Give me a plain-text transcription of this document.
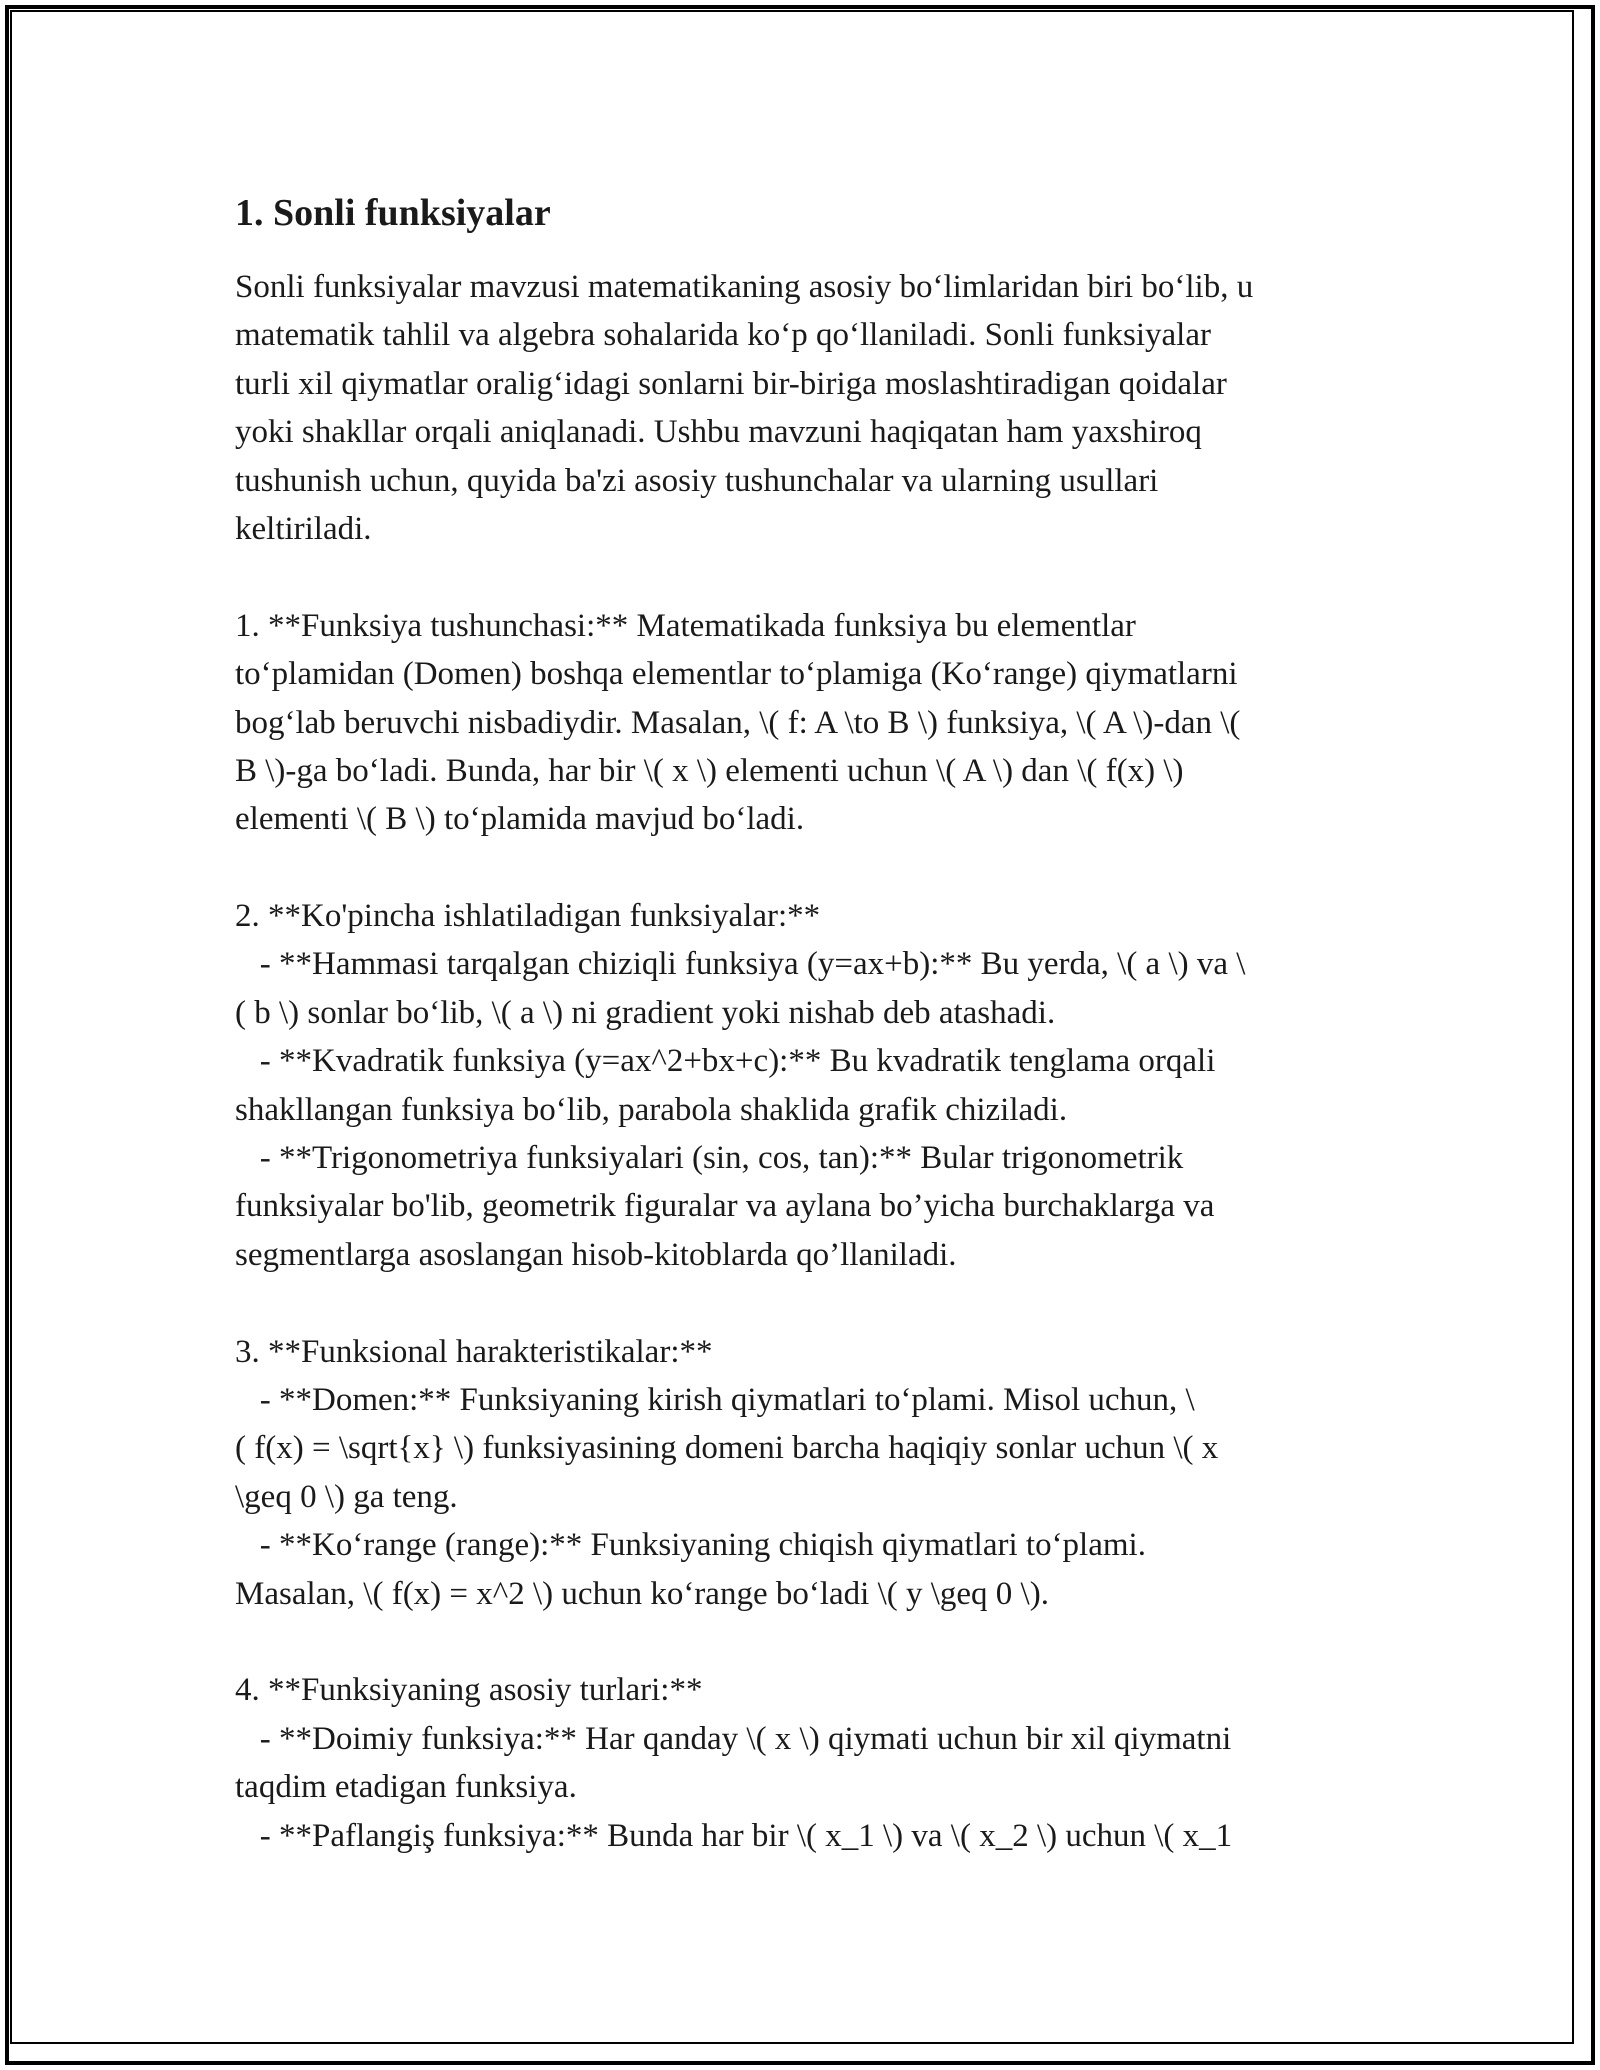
1. Sonli funksiyalar
Sonli funksiyalar mavzusi matematikaning asosiy bo‘limlaridan biri bo‘lib, u
matematik tahlil va algebra sohalarida ko‘p qo‘llaniladi. Sonli funksiyalar
turli xil qiymatlar oralig‘idagi sonlarni bir-biriga moslashtiradigan qoidalar
yoki shakllar orqali aniqlanadi. Ushbu mavzuni haqiqatan ham yaxshiroq
tushunish uchun, quyida ba'zi asosiy tushunchalar va ularning usullari
keltiriladi.
1. **Funksiya tushunchasi:** Matematikada funksiya bu elementlar
to‘plamidan (Domen) boshqa elementlar to‘plamiga (Ko‘range) qiymatlarni
bog‘lab beruvchi nisbadiydir. Masalan, \( f: A \to B \) funksiya, \( A \)-dan \(
B \)-ga bo‘ladi. Bunda, har bir \( x \) elementi uchun \( A \) dan \( f(x) \)
elementi \( B \) to‘plamida mavjud bo‘ladi.
2. **Ko'pincha ishlatiladigan funksiyalar:**
- **Hammasi tarqalgan chiziqli funksiya (y=ax+b):** Bu yerda, \( a \) va \
( b \) sonlar bo‘lib, \( a \) ni gradient yoki nishab deb atashadi.
- **Kvadratik funksiya (y=ax^2+bx+c):** Bu kvadratik tenglama orqali
shakllangan funksiya bo‘lib, parabola shaklida grafik chiziladi.
- **Trigonometriya funksiyalari (sin, cos, tan):** Bular trigonometrik
funksiyalar bo'lib, geometrik figuralar va aylana bo’yicha burchaklarga va
segmentlarga asoslangan hisob-kitoblarda qo’llaniladi.
3. **Funksional harakteristikalar:**
- **Domen:** Funksiyaning kirish qiymatlari to‘plami. Misol uchun, \
( f(x) = \sqrt{x} \) funksiyasining domeni barcha haqiqiy sonlar uchun \( x
\geq 0 \) ga teng.
- **Ko‘range (range):** Funksiyaning chiqish qiymatlari to‘plami.
Masalan, \( f(x) = x^2 \) uchun ko‘range bo‘ladi \( y \geq 0 \).
4. **Funksiyaning asosiy turlari:**
- **Doimiy funksiya:** Har qanday \( x \) qiymati uchun bir xil qiymatni
taqdim etadigan funksiya.
- **Paflangiş funksiya:** Bunda har bir \( x_1 \) va \( x_2 \) uchun \( x_1
